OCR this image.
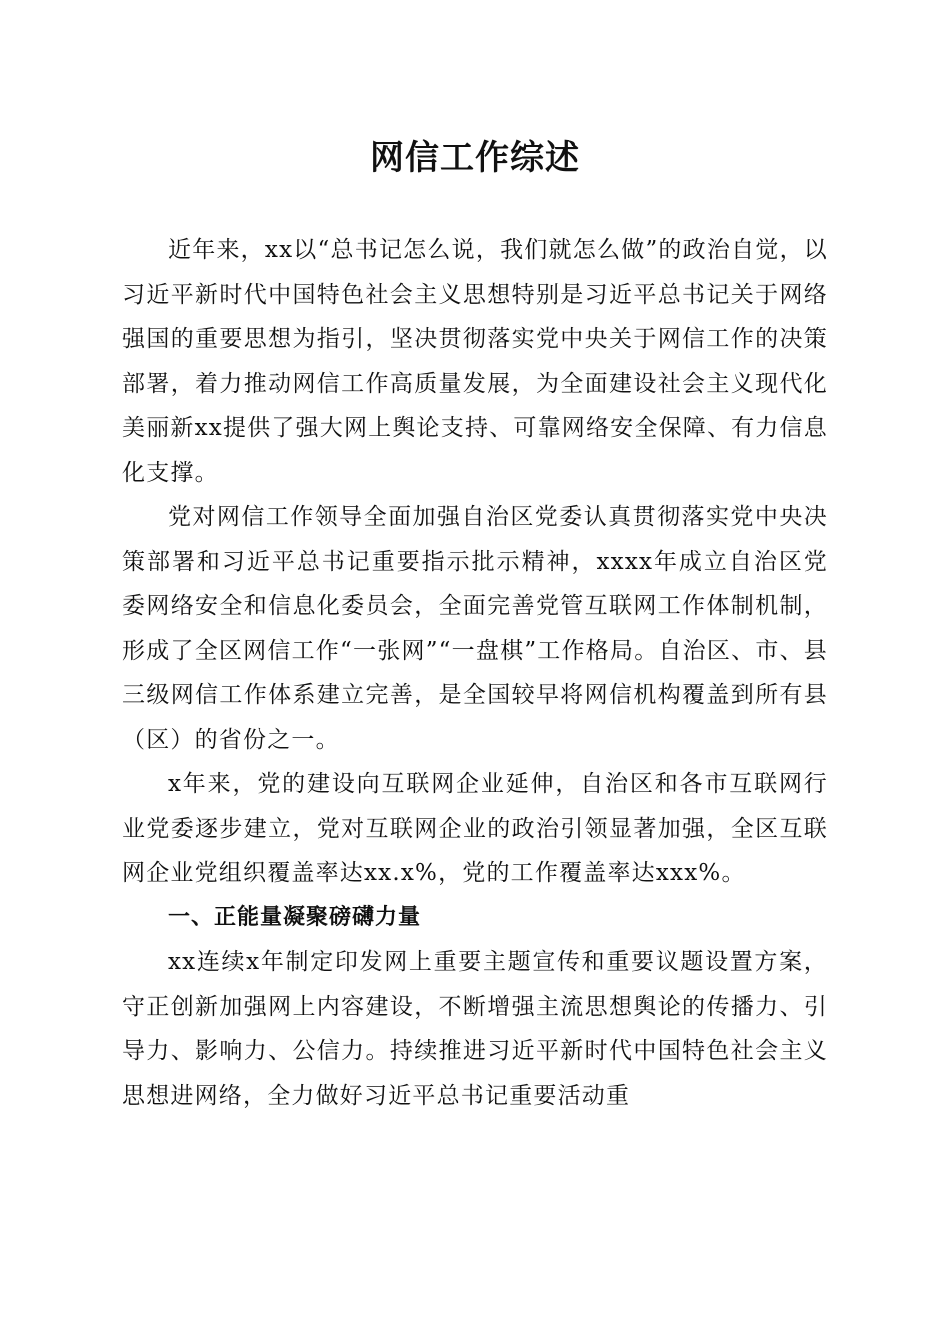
网信工作综述

近年来，xx以“总书记怎么说，我们就怎么做”的政治自觉，以习近平新时代中国特色社会主义思想特别是习近平总书记关于网络强国的重要思想为指引，坚决贯彻落实党中央关于网信工作的决策部署，着力推动网信工作高质量发展，为全面建设社会主义现代化美丽新xx提供了强大网上舆论支持、可靠网络安全保障、有力信息化支撑。

党对网信工作领导全面加强自治区党委认真贯彻落实党中央决策部署和习近平总书记重要指示批示精神，xxxx年成立自治区党委网络安全和信息化委员会，全面完善党管互联网工作体制机制，形成了全区网信工作“一张网”“一盘棋”工作格局。自治区、市、县三级网信工作体系建立完善，是全国较早将网信机构覆盖到所有县（区）的省份之一。

x年来，党的建设向互联网企业延伸，自治区和各市互联网行业党委逐步建立，党对互联网企业的政治引领显著加强，全区互联网企业党组织覆盖率达xx.x%，党的工作覆盖率达xxx%。

一、正能量凝聚磅礴力量

xx连续x年制定印发网上重要主题宣传和重要议题设置方案，守正创新加强网上内容建设，不断增强主流思想舆论的传播力、引导力、影响力、公信力。持续推进习近平新时代中国特色社会主义思想进网络，全力做好习近平总书记重要活动重
